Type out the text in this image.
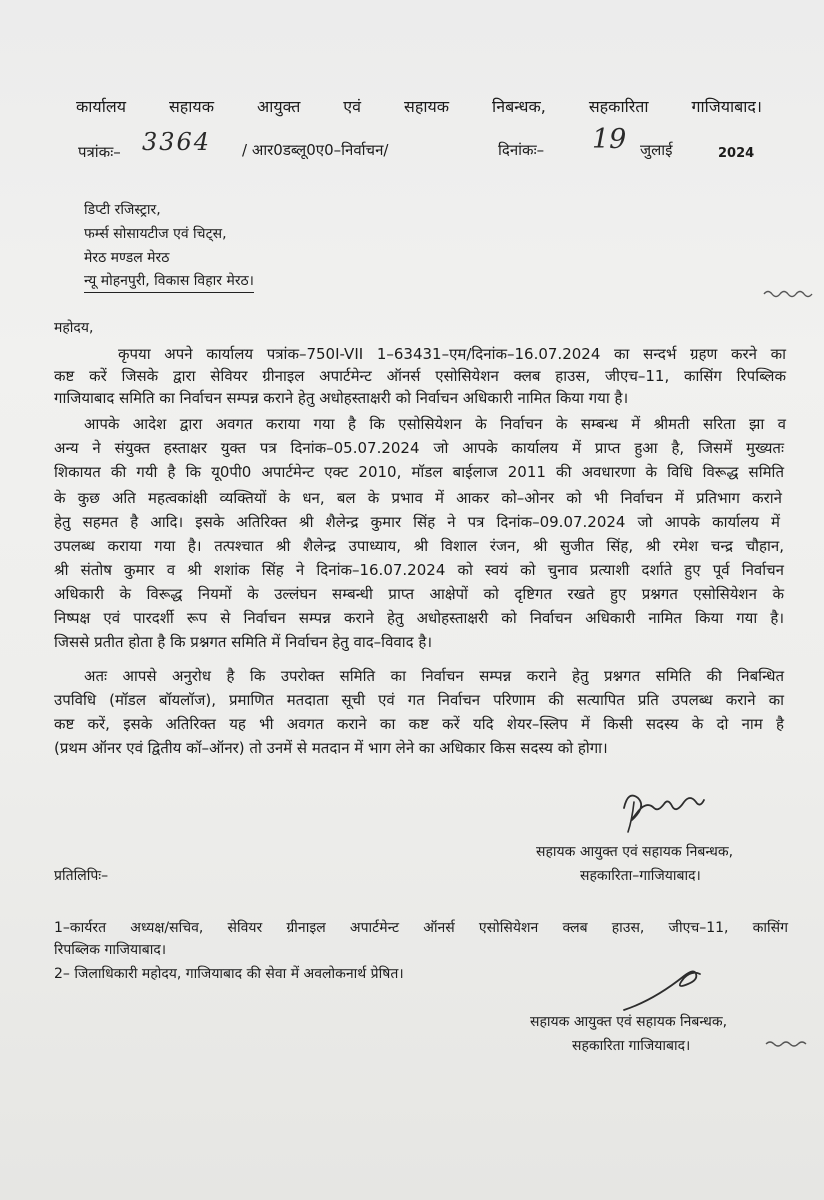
कार्यालय	सहायक	आयुक्त	एवं	सहायक	निबन्धक,	सहकारिता	गाजियाबाद।
पत्रांकः– 3364 / आर0डब्लू0ए0–निर्वाचन/	दिनांकः– 19 जुलाई	2024
डिप्टी रजिस्ट्रार,
फर्म्स सोसायटीज एवं चिट्स,
मेरठ मण्डल मेरठ
न्यू मोहनपुरी, विकास विहार मेरठ।
महोदय,
कृपया अपने कार्यालय पत्रांक–750I-VII 1–63431–एम/दिनांक–16.07.2024 का सन्दर्भ ग्रहण करने का
कष्ट करें जिसके द्वारा सेवियर ग्रीनाइल अपार्टमेन्ट ऑनर्स एसोसियेशन क्लब हाउस, जीएच–11, कासिंग रिपब्लिक
गाजियाबाद समिति का निर्वाचन सम्पन्न कराने हेतु अधोहस्ताक्षरी को निर्वाचन अधिकारी नामित किया गया है।
आपके आदेश द्वारा अवगत कराया गया है कि एसोसियेशन के निर्वाचन के सम्बन्ध में श्रीमती सरिता झा व
अन्य ने संयुक्त हस्ताक्षर युक्त पत्र दिनांक–05.07.2024 जो आपके कार्यालय में प्राप्त हुआ है, जिसमें मुख्यतः
शिकायत की गयी है कि यू0पी0 अपार्टमेन्ट एक्ट 2010, मॉडल बाईलाज 2011 की अवधारणा के विधि विरूद्ध समिति
के कुछ अति महत्वकांक्षी व्यक्तियों के धन, बल के प्रभाव में आकर को–ओनर को भी निर्वाचन में प्रतिभाग कराने
हेतु सहमत है आदि। इसके अतिरिक्त श्री शैलेन्द्र कुमार सिंह ने पत्र दिनांक–09.07.2024 जो आपके कार्यालय में
उपलब्ध कराया गया है। तत्पश्चात श्री शैलेन्द्र उपाध्याय, श्री विशाल रंजन, श्री सुजीत सिंह, श्री रमेश चन्द्र चौहान,
श्री संतोष कुमार व श्री शशांक सिंह ने दिनांक–16.07.2024 को स्वयं को चुनाव प्रत्याशी दर्शाते हुए पूर्व निर्वाचन
अधिकारी के विरूद्ध नियमों के उल्लंघन सम्बन्धी प्राप्त आक्षेपों को दृष्टिगत रखते हुए प्रश्नगत एसोसियेशन के
निष्पक्ष एवं पारदर्शी रूप से निर्वाचन सम्पन्न कराने हेतु अधोहस्ताक्षरी को निर्वाचन अधिकारी नामित किया गया है।
जिससे प्रतीत होता है कि प्रश्नगत समिति में निर्वाचन हेतु वाद–विवाद है।
अतः आपसे अनुरोध है कि उपरोक्त समिति का निर्वाचन सम्पन्न कराने हेतु प्रश्नगत समिति की निबन्धित
उपविधि (मॉडल बॉयलॉज), प्रमाणित मतदाता सूची एवं गत निर्वाचन परिणाम की सत्यापित प्रति उपलब्ध कराने का
कष्ट करें, इसके अतिरिक्त यह भी अवगत कराने का कष्ट करें यदि शेयर–स्लिप में किसी सदस्य के दो नाम है
(प्रथम ऑनर एवं द्वितीय कॉ–ऑनर) तो उनमें से मतदान में भाग लेने का अधिकार किस सदस्य को होगा।
सहायक आयुक्त एवं सहायक निबन्धक,
सहकारिता–गाजियाबाद।
प्रतिलिपिः–
1–कार्यरत अध्यक्ष/सचिव, सेवियर ग्रीनाइल अपार्टमेन्ट ऑनर्स एसोसियेशन क्लब हाउस, जीएच–11, कासिंग
रिपब्लिक गाजियाबाद।
2– जिलाधिकारी महोदय, गाजियाबाद की सेवा में अवलोकनार्थ प्रेषित।
सहायक आयुक्त एवं सहायक निबन्धक,
सहकारिता गाजियाबाद।
